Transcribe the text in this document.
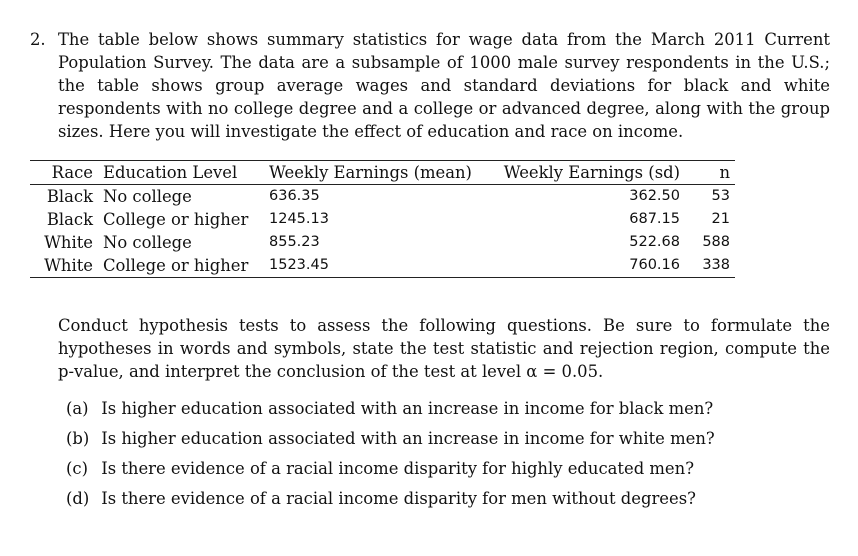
2. The table below shows summary statistics for wage data from the March 2011 Current Population Survey. The data are a subsample of 1000 male survey respondents in the U.S.; the table shows group average wages and standard deviations for black and white respondents with no college degree and a college or advanced degree, along with the group sizes. Here you will investigate the effect of education and race on income.

Race	Education Level	Weekly Earnings (mean)	Weekly Earnings (sd)	n
Black	No college	636.35	362.50	53
Black	College or higher	1245.13	687.15	21
White	No college	855.23	522.68	588
White	College or higher	1523.45	760.16	338

Conduct hypothesis tests to assess the following questions. Be sure to formulate the hypotheses in words and symbols, state the test statistic and rejection region, compute the p-value, and interpret the conclusion of the test at level α = 0.05.

(a) Is higher education associated with an increase in income for black men?
(b) Is higher education associated with an increase in income for white men?
(c) Is there evidence of a racial income disparity for highly educated men?
(d) Is there evidence of a racial income disparity for men without degrees?
